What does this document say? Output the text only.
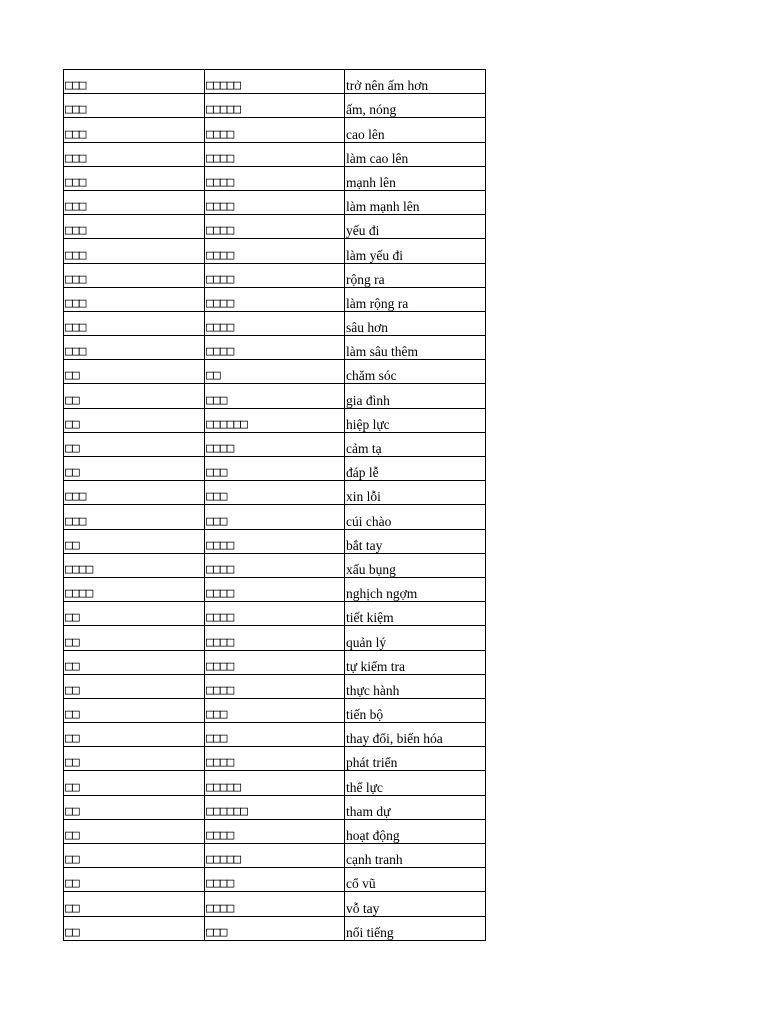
□□□	□□□□□	trở nên ấm hơn
□□□	□□□□□	ấm, nóng
□□□	□□□□	cao lên
□□□	□□□□	làm cao lên
□□□	□□□□	mạnh lên
□□□	□□□□	làm mạnh lên
□□□	□□□□	yếu đi
□□□	□□□□	làm yếu đi
□□□	□□□□	rộng ra
□□□	□□□□	làm rộng ra
□□□	□□□□	sâu hơn
□□□	□□□□	làm sâu thêm
□□	□□	chăm sóc
□□	□□□	gia đình
□□	□□□□□□	hiệp lực
□□	□□□□	cảm tạ
□□	□□□	đáp lễ
□□□	□□□	xin lỗi
□□□	□□□	cúi chào
□□	□□□□	bắt tay
□□□□	□□□□	xấu bụng
□□□□	□□□□	nghịch ngợm
□□	□□□□	tiết kiệm
□□	□□□□	quản lý
□□	□□□□	tự kiểm tra
□□	□□□□	thực hành
□□	□□□	tiến bộ
□□	□□□	thay đổi, biến hóa
□□	□□□□	phát triển
□□	□□□□□	thể lực
□□	□□□□□□	tham dự
□□	□□□□	hoạt động
□□	□□□□□	cạnh tranh
□□	□□□□	cổ vũ
□□	□□□□	vỗ tay
□□	□□□	nổi tiếng
